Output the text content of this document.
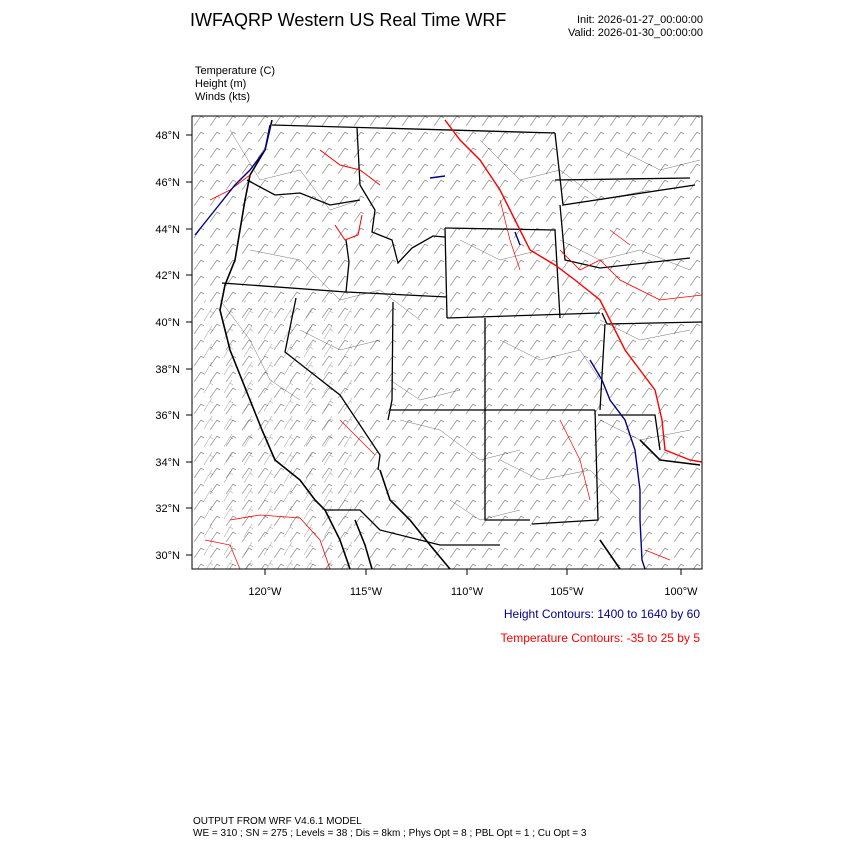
IWFAQRP Western US Real Time WRF	Init: 2026-01-27_00:00:00
Valid: 2026-01-30_00:00:00
Temperature (C)
Height (m)
Winds (kts)
48°N
46°N
44°N
42°N
40°N
38°N
36°N
34°N
32°N
30°N
120°W	115°W	110°W	105°W	100°W
Height Contours: 1400 to 1640 by 60
Temperature Contours: -35 to 25 by 5
OUTPUT FROM WRF V4.6.1 MODEL
WE = 310 ; SN = 275 ; Levels = 38 ; Dis = 8km ; Phys Opt = 8 ; PBL Opt = 1 ; Cu Opt = 3
